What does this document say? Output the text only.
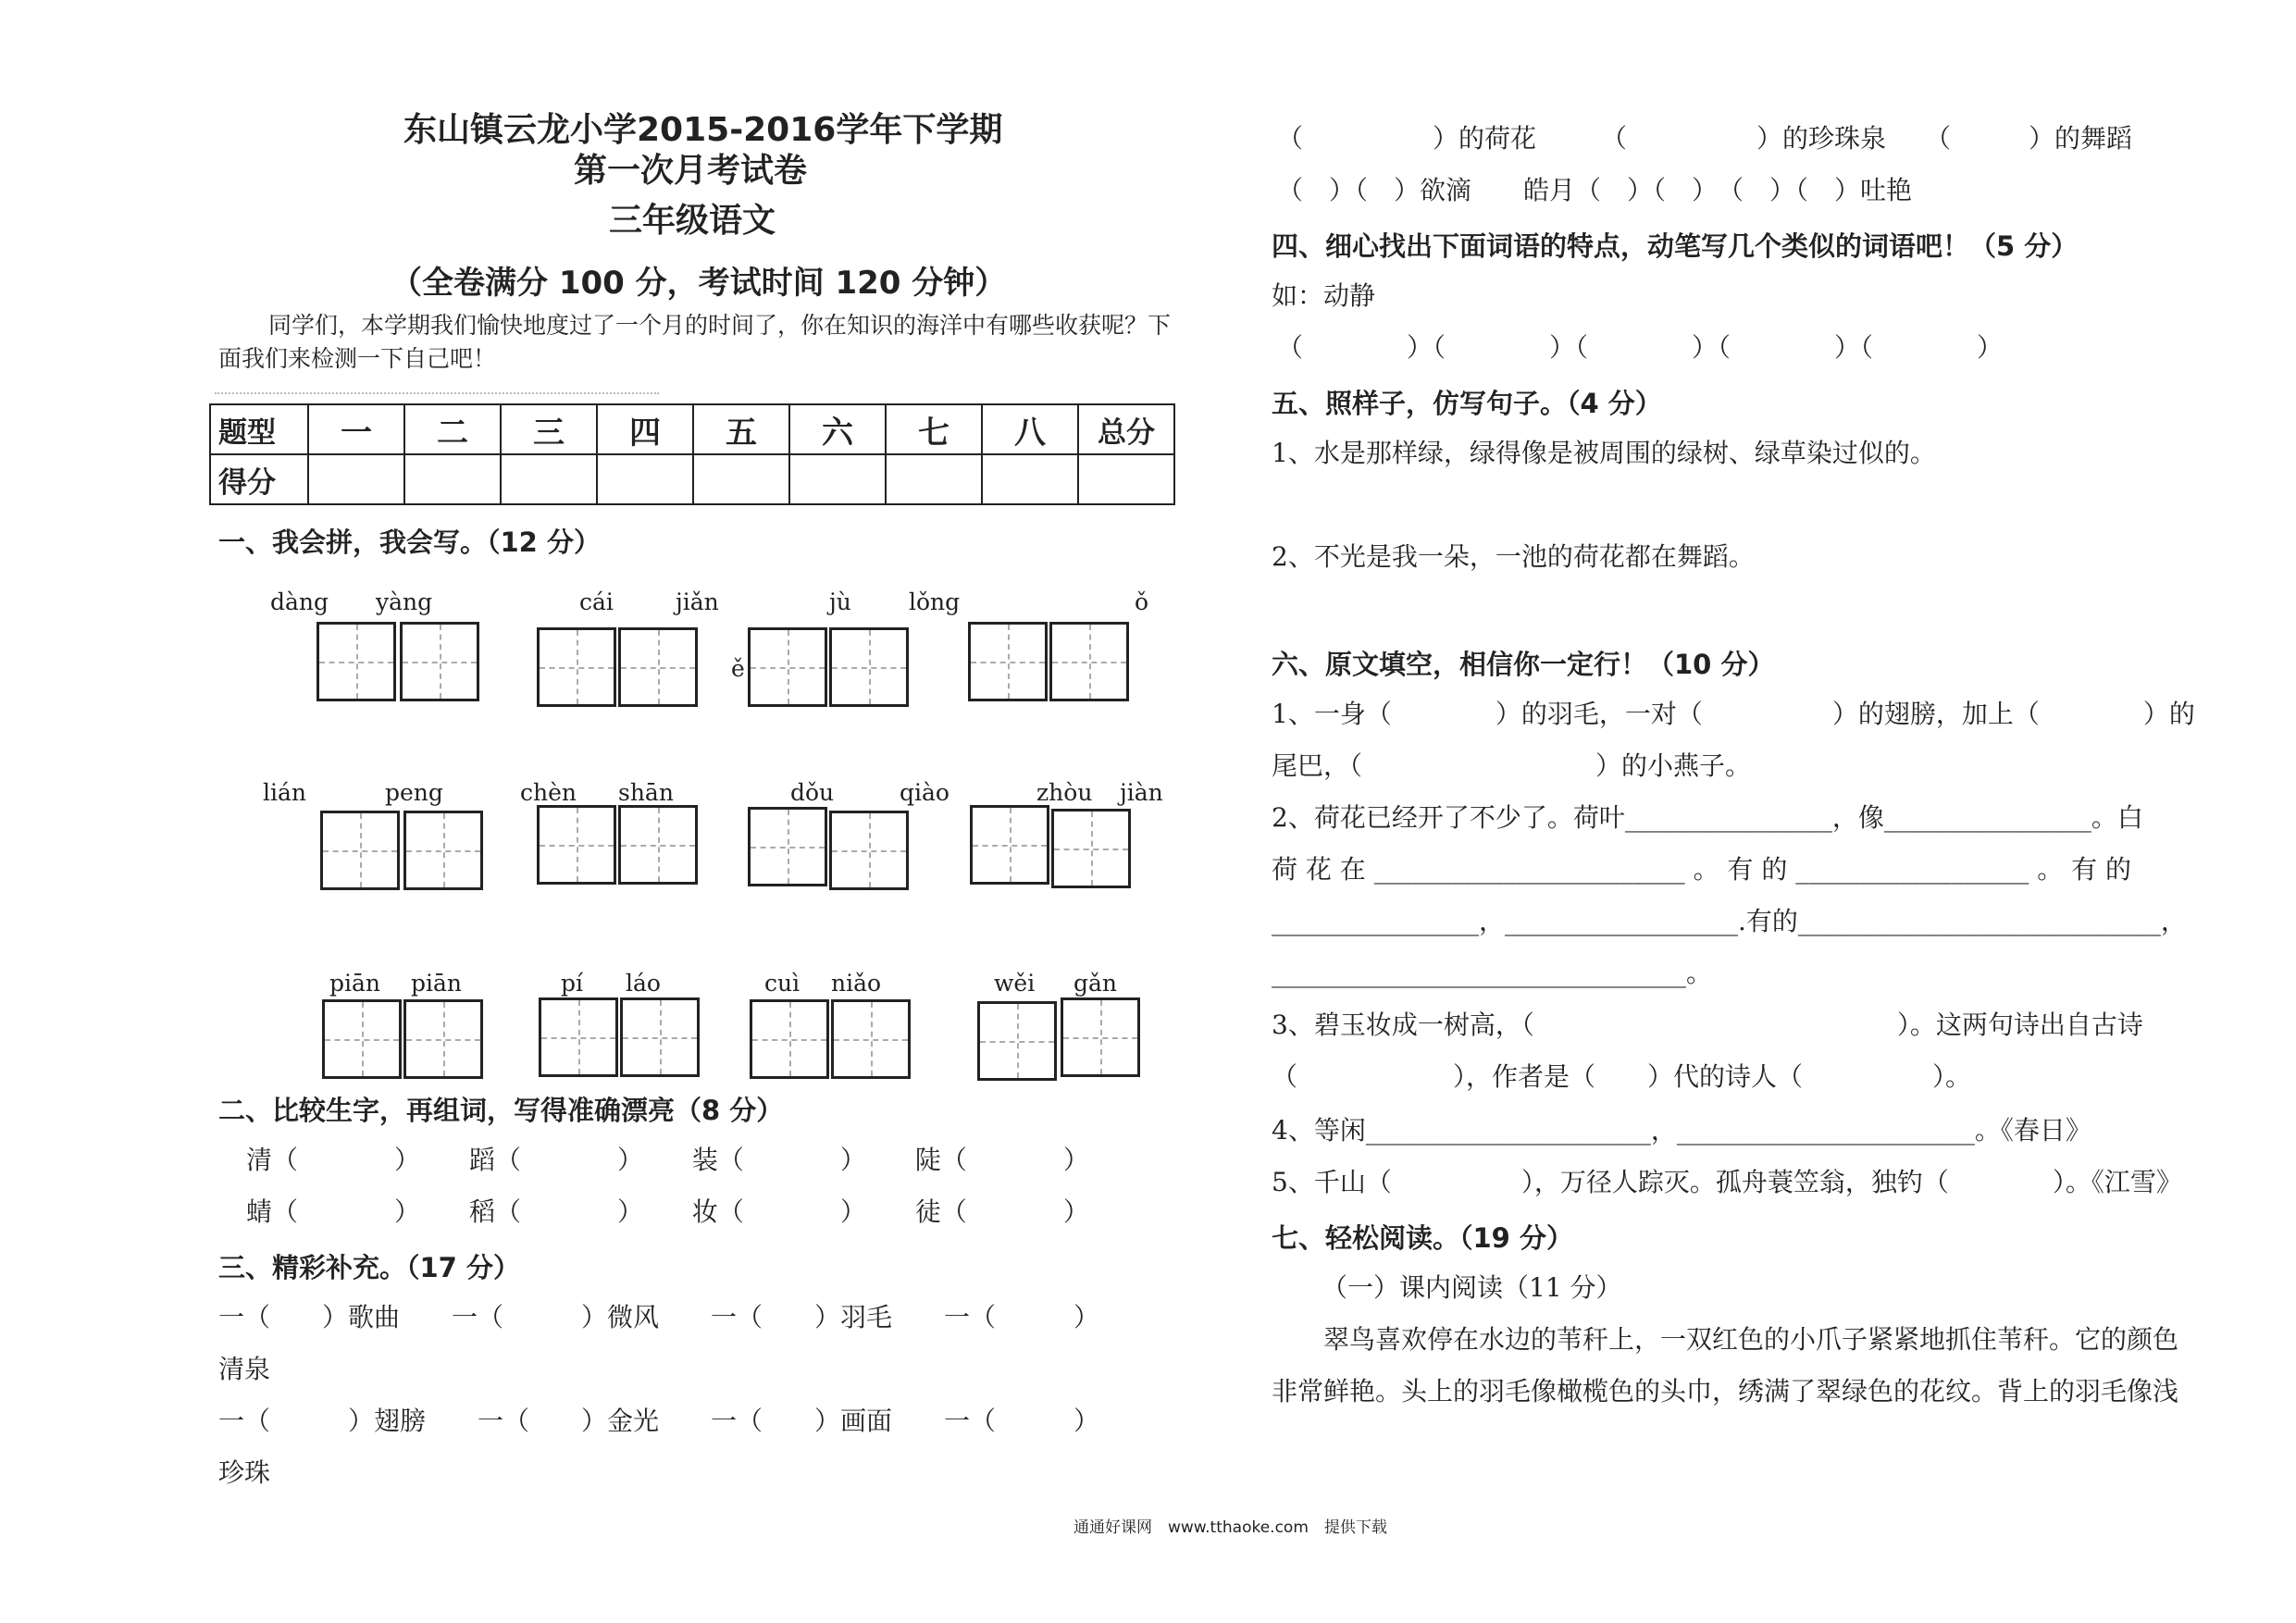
东山镇云龙小学2015-2016学年下学期
第一次月考试卷
三年级语文
（全卷满分 100 分，考试时间 120 分钟）
同学们，本学期我们愉快地度过了一个月的时间了，你在知识的海洋中有哪些收获呢？下
面我们来检测一下自己吧！
题型	一	二	三	四	五	六	七	八	总分
得分									
一、我会拼，我会写。（12 分）
dàng yàng	cái	jiǎn	jù lǒng	ǒ
ě
lián	peng	chèn shān	dǒu	qiào	zhòu jiàn
piān piān	pí láo	cuì niǎo	wěi gǎn
二、比较生字，再组词，写得准确漂亮（8 分）
清（	） 蹈（	） 装（	） 陡（	）
蜻（	） 稻（	） 妆（	） 徒（	）
三、精彩补充。（17 分）
一（　　）歌曲　　一（　　　）微风　　一（　　）羽毛　　一（　　　）
清泉
一（　　　）翅膀　　一（　　）金光　　一（　　）画面　　一（　　　）
珍珠
（　　　　　）的荷花　　　（　　　　　）的珍珠泉　　（　　　）的舞蹈
（　）（　）欲滴　　皓月（　）（　）　（　）（　）吐艳
四、细心找出下面词语的特点，动笔写几个类似的词语吧！（5 分）
如：动静
（　　　　）（　　　　）（　　　　）（　　　　）（　　　　）
五、照样子，仿写句子。（4 分）
1、水是那样绿，绿得像是被周围的绿树、绿草染过似的。
2、不光是我一朵，一池的荷花都在舞蹈。
六、原文填空，相信你一定行！（10 分）
1、一身（　　　　）的羽毛，一对（　　　　　）的翅膀，加上（　　　　）的
尾巴，（　　　　　　　　　）的小燕子。
2、荷花已经开了不少了。荷叶________________，像________________。白
荷 花 在 ________________________ 。 有 的 __________________ 。 有 的
________________，__________________.有的____________________________，
________________________________。
3、碧玉妆成一树高，（　　　　　　　　　　　　　　）。这两句诗出自古诗
（　　　　　　），作者是（　　）代的诗人（　　　　　）。
4、等闲______________________，_______________________。《春日》
5、千山（　　　　　），万径人踪灭。孤舟蓑笠翁，独钓（　　　　）。《江雪》
七、轻松阅读。（19 分）
（一）课内阅读（11 分）
翠鸟喜欢停在水边的苇秆上，一双红色的小爪子紧紧地抓住苇秆。它的颜色
非常鲜艳。头上的羽毛像橄榄色的头巾，绣满了翠绿色的花纹。背上的羽毛像浅
通通好课网　www.tthaoke.com　提供下载
